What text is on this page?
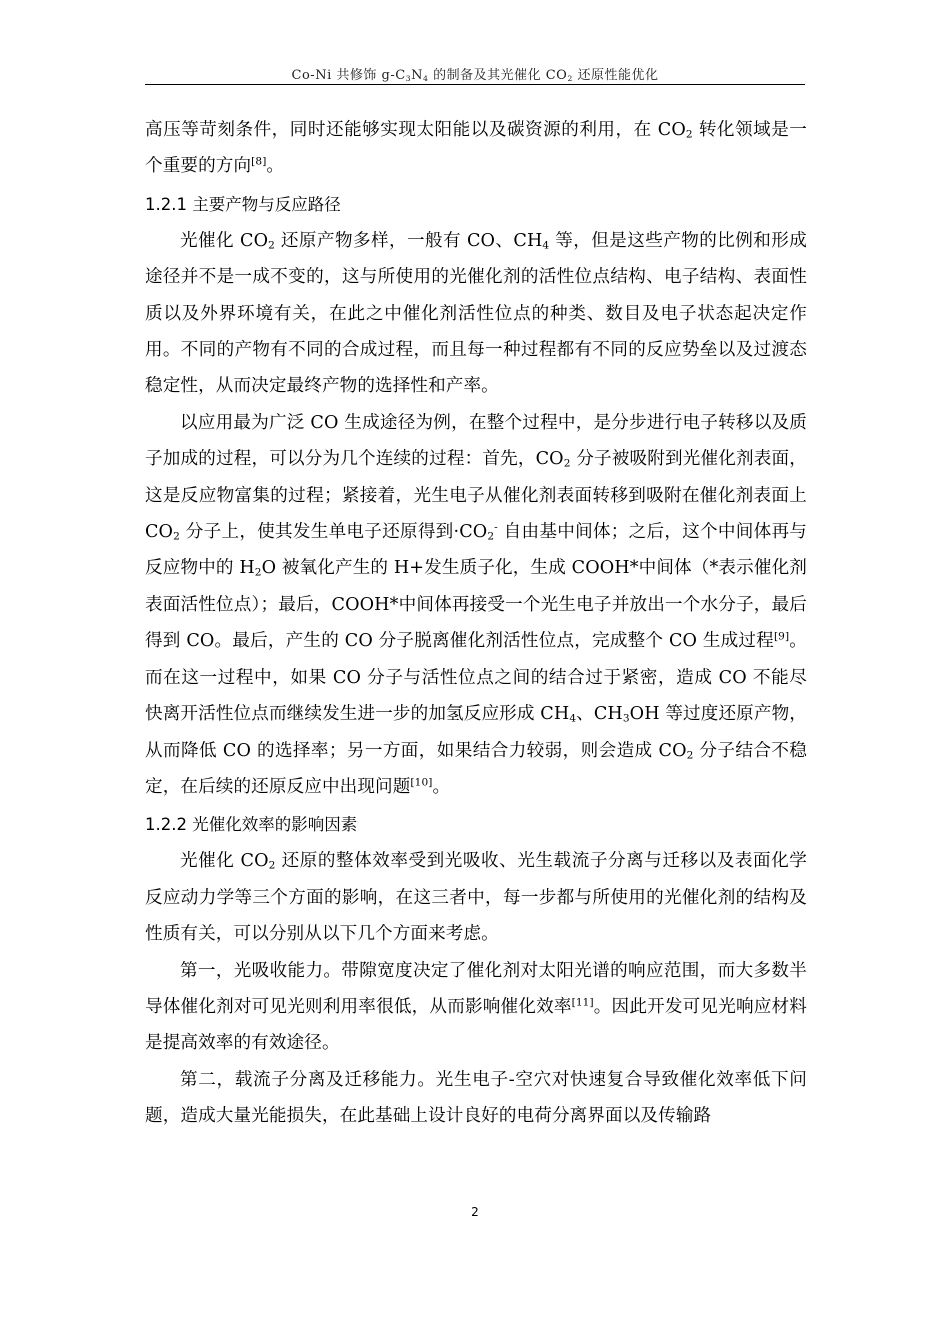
Co-Ni 共修饰 $g-C_3N_4$ 的制备及其光催化 $CO_2$ 还原性能优化

高压等苛刻条件，同时还能够实现太阳能以及碳资源的利用，在 $CO_2$ 转化领域是一个重要的方向[8]。

1.2.1 主要产物与反应路径

光催化 $CO_2$ 还原产物多样，一般有 CO、$CH_4$ 等，但是这些产物的比例和形成途径并不是一成不变的，这与所使用的光催化剂的活性位点结构、电子结构、表面性质以及外界环境有关，在此之中催化剂活性位点的种类、数目及电子状态起决定作用。不同的产物有不同的合成过程，而且每一种过程都有不同的反应势垒以及过渡态稳定性，从而决定最终产物的选择性和产率。

以应用最为广泛 CO 生成途径为例，在整个过程中，是分步进行电子转移以及质子加成的过程，可以分为几个连续的过程：首先，$CO_2$ 分子被吸附到光催化剂表面，这是反应物富集的过程；紧接着，光生电子从催化剂表面转移到吸附在催化剂表面上 $CO_2$ 分子上，使其发生单电子还原得到$\cdot CO_2^-$ 自由基中间体；之后，这个中间体再与反应物中的 $H_2O$ 被氧化产生的 H+发生质子化，生成 COOH*中间体（*表示催化剂表面活性位点）；最后，COOH*中间体再接受一个光生电子并放出一个水分子，最后得到 CO。最后，产生的 CO 分子脱离催化剂活性位点，完成整个 CO 生成过程[9]。而在这一过程中，如果 CO 分子与活性位点之间的结合过于紧密，造成 CO 不能尽快离开活性位点而继续发生进一步的加氢反应形成 $CH_4$、$CH_3OH$ 等过度还原产物，从而降低 CO 的选择率；另一方面，如果结合力较弱，则会造成 $CO_2$ 分子结合不稳定，在后续的还原反应中出现问题[10]。

1.2.2 光催化效率的影响因素

光催化 $CO_2$ 还原的整体效率受到光吸收、光生载流子分离与迁移以及表面化学反应动力学等三个方面的影响，在这三者中，每一步都与所使用的光催化剂的结构及性质有关，可以分别从以下几个方面来考虑。

第一，光吸收能力。带隙宽度决定了催化剂对太阳光谱的响应范围，而大多数半导体催化剂对可见光则利用率很低，从而影响催化效率[11]。因此开发可见光响应材料是提高效率的有效途径。

第二，载流子分离及迁移能力。光生电子-空穴对快速复合导致催化效率低下问题，造成大量光能损失，在此基础上设计良好的电荷分离界面以及传输路

2
